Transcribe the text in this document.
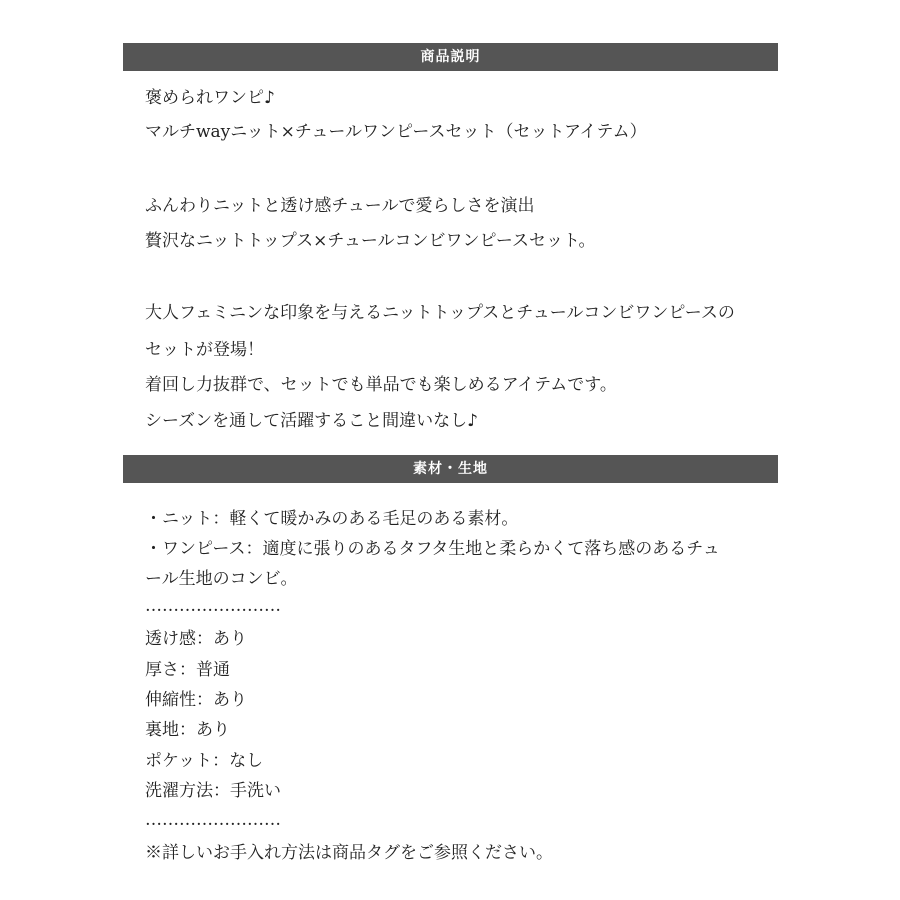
商品説明
褒められワンピ♪
マルチwayニット×チュールワンピースセット（セットアイテム）
ふんわりニットと透け感チュールで愛らしさを演出
贅沢なニットトップス×チュールコンビワンピースセット。
大人フェミニンな印象を与えるニットトップスとチュールコンビワンピースの
セットが登場！
着回し力抜群で、セットでも単品でも楽しめるアイテムです。
シーズンを通して活躍すること間違いなし♪
素材・生地
・ニット：軽くて暖かみのある毛足のある素材。
・ワンピース：適度に張りのあるタフタ生地と柔らかくて落ち感のあるチュ
ール生地のコンビ。
……………………
透け感：あり
厚さ：普通
伸縮性：あり
裏地：あり
ポケット：なし
洗濯方法：手洗い
……………………
※詳しいお手入れ方法は商品タグをご参照ください。
